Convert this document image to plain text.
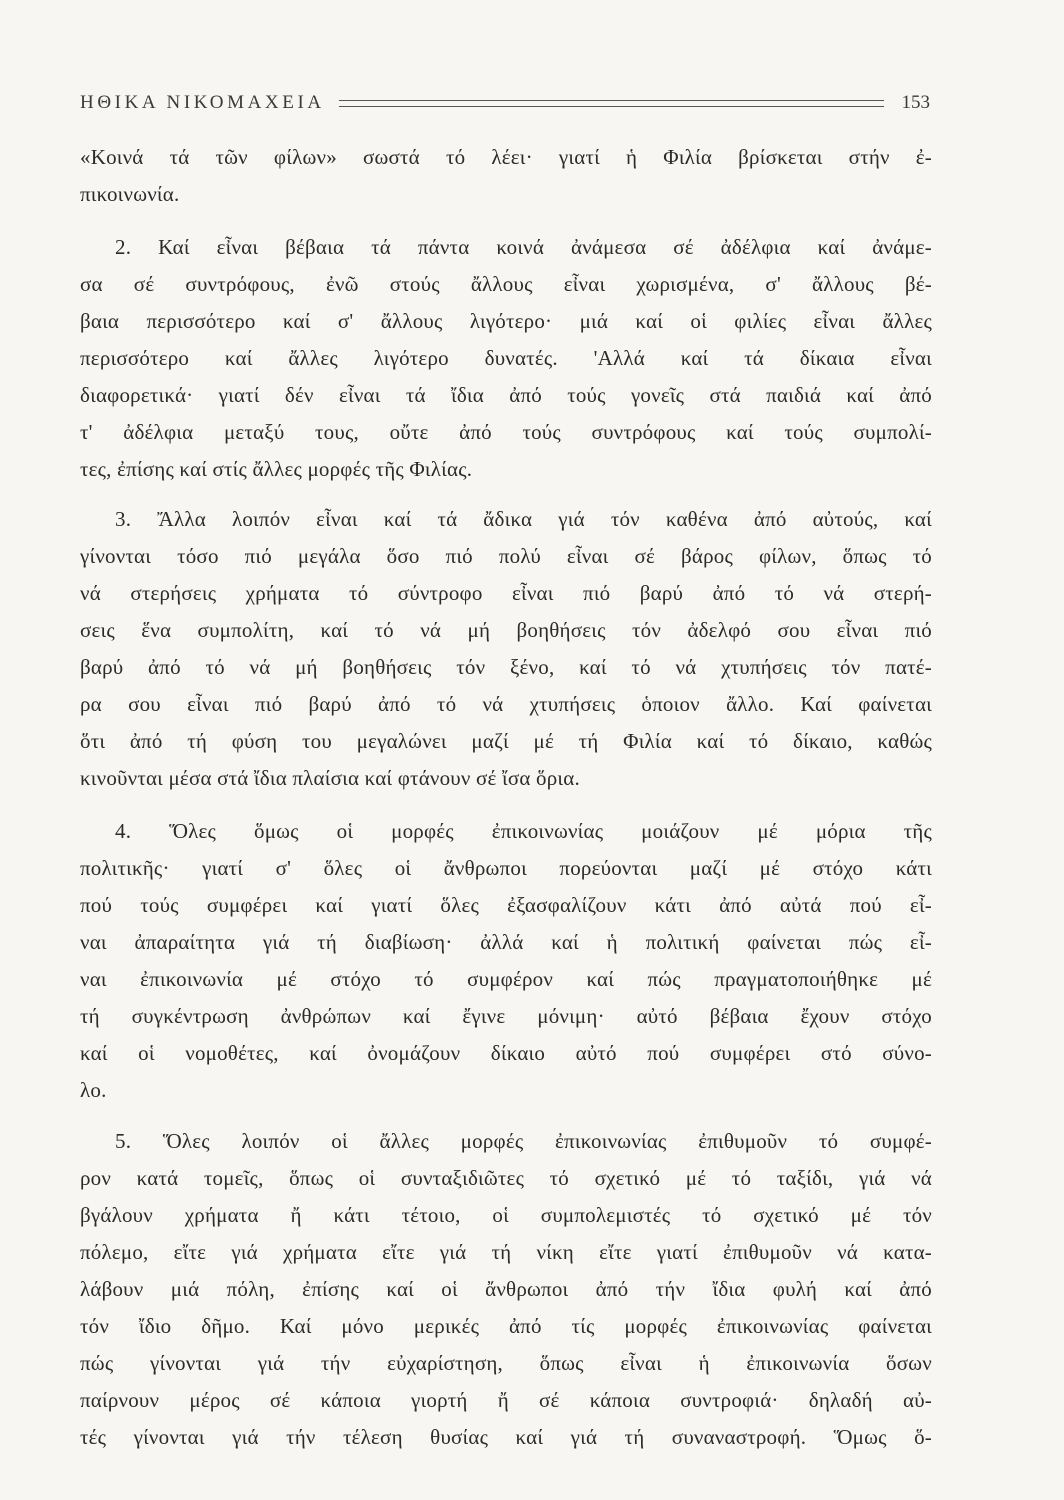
ΗΘΙΚΑ ΝΙΚΟΜΑΧΕΙΑ	153
«Κοινά τά τῶν φίλων» σωστά τό λέει· γιατί ἡ Φιλία βρίσκεται στήν ἐ-
πικοινωνία.
2. Καί εἶναι βέβαια τά πάντα κοινά ἀνάμεσα σέ ἀδέλφια καί ἀνάμε-
σα σέ συντρόφους, ἐνῶ στούς ἄλλους εἶναι χωρισμένα, σ' ἄλλους βέ-
βαια περισσότερο καί σ' ἄλλους λιγότερο· μιά καί οἱ φιλίες εἶναι ἄλλες
περισσότερο καί ἄλλες λιγότερο δυνατές. 'Αλλά καί τά δίκαια εἶναι
διαφορετικά· γιατί δέν εἶναι τά ἴδια ἀπό τούς γονεῖς στά παιδιά καί ἀπό
τ' ἀδέλφια μεταξύ τους, οὔτε ἀπό τούς συντρόφους καί τούς συμπολί-
τες, ἐπίσης καί στίς ἄλλες μορφές τῆς Φιλίας.
3. Ἄλλα λοιπόν εἶναι καί τά ἄδικα γιά τόν καθένα ἀπό αὐτούς, καί
γίνονται τόσο πιό μεγάλα ὅσο πιό πολύ εἶναι σέ βάρος φίλων, ὅπως τό
νά στερήσεις χρήματα τό σύντροφο εἶναι πιό βαρύ ἀπό τό νά στερή-
σεις ἕνα συμπολίτη, καί τό νά μή βοηθήσεις τόν ἀδελφό σου εἶναι πιό
βαρύ ἀπό τό νά μή βοηθήσεις τόν ξένο, καί τό νά χτυπήσεις τόν πατέ-
ρα σου εἶναι πιό βαρύ ἀπό τό νά χτυπήσεις ὁποιον ἄλλο. Καί φαίνεται
ὅτι ἀπό τή φύση του μεγαλώνει μαζί μέ τή Φιλία καί τό δίκαιο, καθώς
κινοῦνται μέσα στά ἴδια πλαίσια καί φτάνουν σέ ἴσα ὅρια.
4. Ὅλες ὅμως οἱ μορφές ἐπικοινωνίας μοιάζουν μέ μόρια τῆς
πολιτικῆς· γιατί σ' ὅλες οἱ ἄνθρωποι πορεύονται μαζί μέ στόχο κάτι
πού τούς συμφέρει καί γιατί ὅλες ἐξασφαλίζουν κάτι ἀπό αὐτά πού εἶ-
ναι ἀπαραίτητα γιά τή διαβίωση· ἀλλά καί ἡ πολιτική φαίνεται πώς εἶ-
ναι ἐπικοινωνία μέ στόχο τό συμφέρον καί πώς πραγματοποιήθηκε μέ
τή συγκέντρωση ἀνθρώπων καί ἔγινε μόνιμη· αὐτό βέβαια ἔχουν στόχο
καί οἱ νομοθέτες, καί ὀνομάζουν δίκαιο αὐτό πού συμφέρει στό σύνο-
λο.
5. Ὅλες λοιπόν οἱ ἄλλες μορφές ἐπικοινωνίας ἐπιθυμοῦν τό συμφέ-
ρον κατά τομεῖς, ὅπως οἱ συνταξιδιῶτες τό σχετικό μέ τό ταξίδι, γιά νά
βγάλουν χρήματα ἤ κάτι τέτοιο, οἱ συμπολεμιστές τό σχετικό μέ τόν
πόλεμο, εἴτε γιά χρήματα εἴτε γιά τή νίκη εἴτε γιατί ἐπιθυμοῦν νά κατα-
λάβουν μιά πόλη, ἐπίσης καί οἱ ἄνθρωποι ἀπό τήν ἴδια φυλή καί ἀπό
τόν ἴδιο δῆμο. Καί μόνο μερικές ἀπό τίς μορφές ἐπικοινωνίας φαίνεται
πώς γίνονται γιά τήν εὐχαρίστηση, ὅπως εἶναι ἡ ἐπικοινωνία ὅσων
παίρνουν μέρος σέ κάποια γιορτή ἤ σέ κάποια συντροφιά· δηλαδή αὐ-
τές γίνονται γιά τήν τέλεση θυσίας καί γιά τή συναναστροφή. Ὅμως ὅ-
